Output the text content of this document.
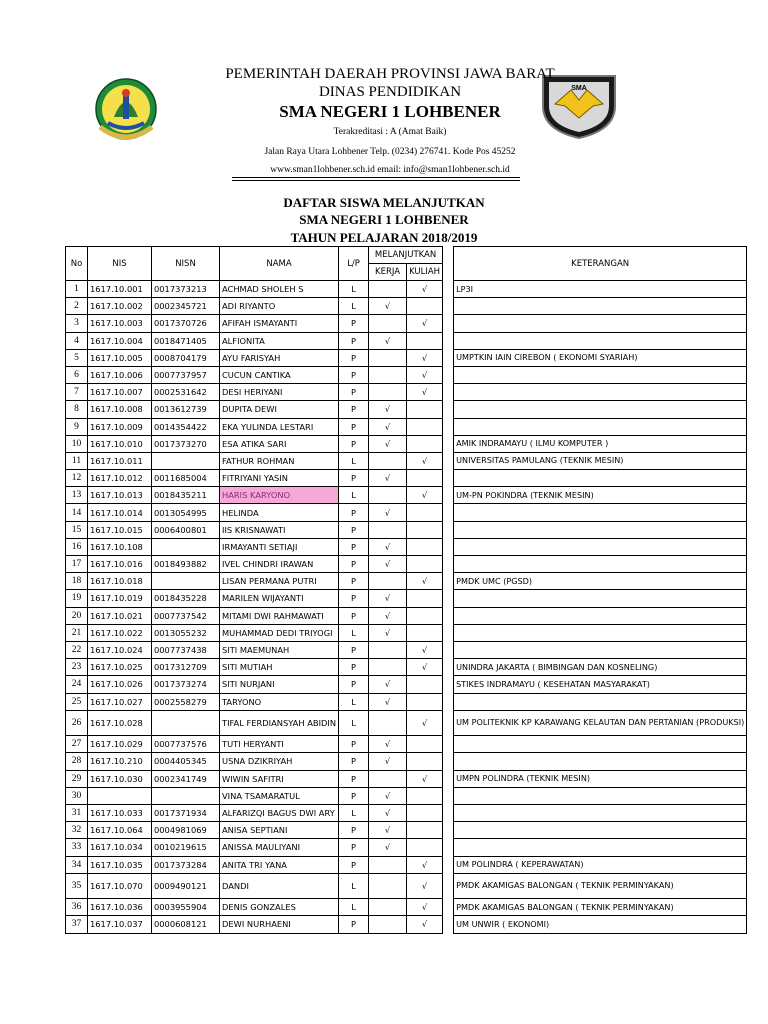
SMA
PEMERINTAH DAERAH PROVINSI JAWA BARAT
DINAS PENDIDIKAN
SMA NEGERI 1 LOHBENER
Terakreditasi : A (Amat Baik)
Jalan Raya Utara Lohbener Telp. (0234) 276741. Kode Pos 45252
www.sman1lohbener.sch.id email: info@sman1lohbener.sch.id
DAFTAR SISWA MELANJUTKAN
SMA NEGERI 1 LOHBENER
TAHUN PELAJARAN 2018/2019
No	NIS	NISN	NAMA	L/P	MELANJUTKAN			KETERANGAN
					KERJA	KULIAH		
1	1617.10.001	0017373213	ACHMAD SHOLEH S	L		√		LP3I
2	1617.10.002	0002345721	ADI RIYANTO	L	√			
3	1617.10.003	0017370726	AFIFAH ISMAYANTI	P		√		
4	1617.10.004	0018471405	ALFIONITA	P	√			
5	1617.10.005	0008704179	AYU FARISYAH	P		√		UMPTKIN IAIN CIREBON ( EKONOMI SYARIAH)
6	1617.10.006	0007737957	CUCUN CANTIKA	P		√		
7	1617.10.007	0002531642	DESI HERIYANI	P		√		
8	1617.10.008	0013612739	DUPITA DEWI	P	√			
9	1617.10.009	0014354422	EKA YULINDA LESTARI	P	√			
10	1617.10.010	0017373270	ESA ATIKA SARI	P	√			AMIK INDRAMAYU ( ILMU KOMPUTER )
11	1617.10.011		FATHUR ROHMAN	L		√		UNIVERSITAS PAMULANG (TEKNIK MESIN)
12	1617.10.012	0011685004	FITRIYANI YASIN	P	√			
13	1617.10.013	0018435211	HARIS KARYONO	L		√		UM-PN POKINDRA (TEKNIK MESIN)
14	1617.10.014	0013054995	HELINDA	P	√			
15	1617.10.015	0006400801	IIS KRISNAWATI	P				
16	1617.10.108		IRMAYANTI SETIAJI	P	√			
17	1617.10.016	0018493882	IVEL CHINDRI IRAWAN	P	√			
18	1617.10.018		LISAN PERMANA PUTRI	P		√		PMDK UMC (PGSD)
19	1617.10.019	0018435228	MARILEN WIJAYANTI	P	√			
20	1617.10.021	0007737542	MITAMI DWI RAHMAWATI	P	√			
21	1617.10.022	0013055232	MUHAMMAD DEDI TRIYOGI	L	√			
22	1617.10.024	0007737438	SITI MAEMUNAH	P		√		
23	1617.10.025	0017312709	SITI MUTIAH	P		√		UNINDRA JAKARTA ( BIMBINGAN DAN KOSNELING)
24	1617.10.026	0017373274	SITI NURJANI	P	√			STIKES INDRAMAYU ( KESEHATAN MASYARAKAT)
25	1617.10.027	0002558279	TARYONO	L	√			
26	1617.10.028		TIFAL FERDIANSYAH ABIDIN	L		√		UM POLITEKNIK KP KARAWANG KELAUTAN DAN PERTANIAN (PRODUKSI)
27	1617.10.029	0007737576	TUTI HERYANTI	P	√			
28	1617.10.210	0004405345	USNA DZIKRIYAH	P	√			
29	1617.10.030	0002341749	WIWIN SAFITRI	P		√		UMPN POLINDRA (TEKNIK MESIN)
30			VINA TSAMARATUL	P	√			
31	1617.10.033	0017371934	ALFARIZQI BAGUS DWI ARY	L	√			
32	1617.10.064	0004981069	ANISA SEPTIANI	P	√			
33	1617.10.034	0010219615	ANISSA MAULIYANI	P	√			
34	1617.10.035	0017373284	ANITA TRI YANA	P		√		UM POLINDRA ( KEPERAWATAN)
35	1617.10.070	0009490121	DANDI	L		√		PMDK AKAMIGAS BALONGAN ( TEKNIK PERMINYAKAN)
36	1617.10.036	0003955904	DENIS GONZALES	L		√		PMDK AKAMIGAS BALONGAN ( TEKNIK PERMINYAKAN)
37	1617.10.037	0000608121	DEWI NURHAENI	P		√		UM UNWIR ( EKONOMI)
